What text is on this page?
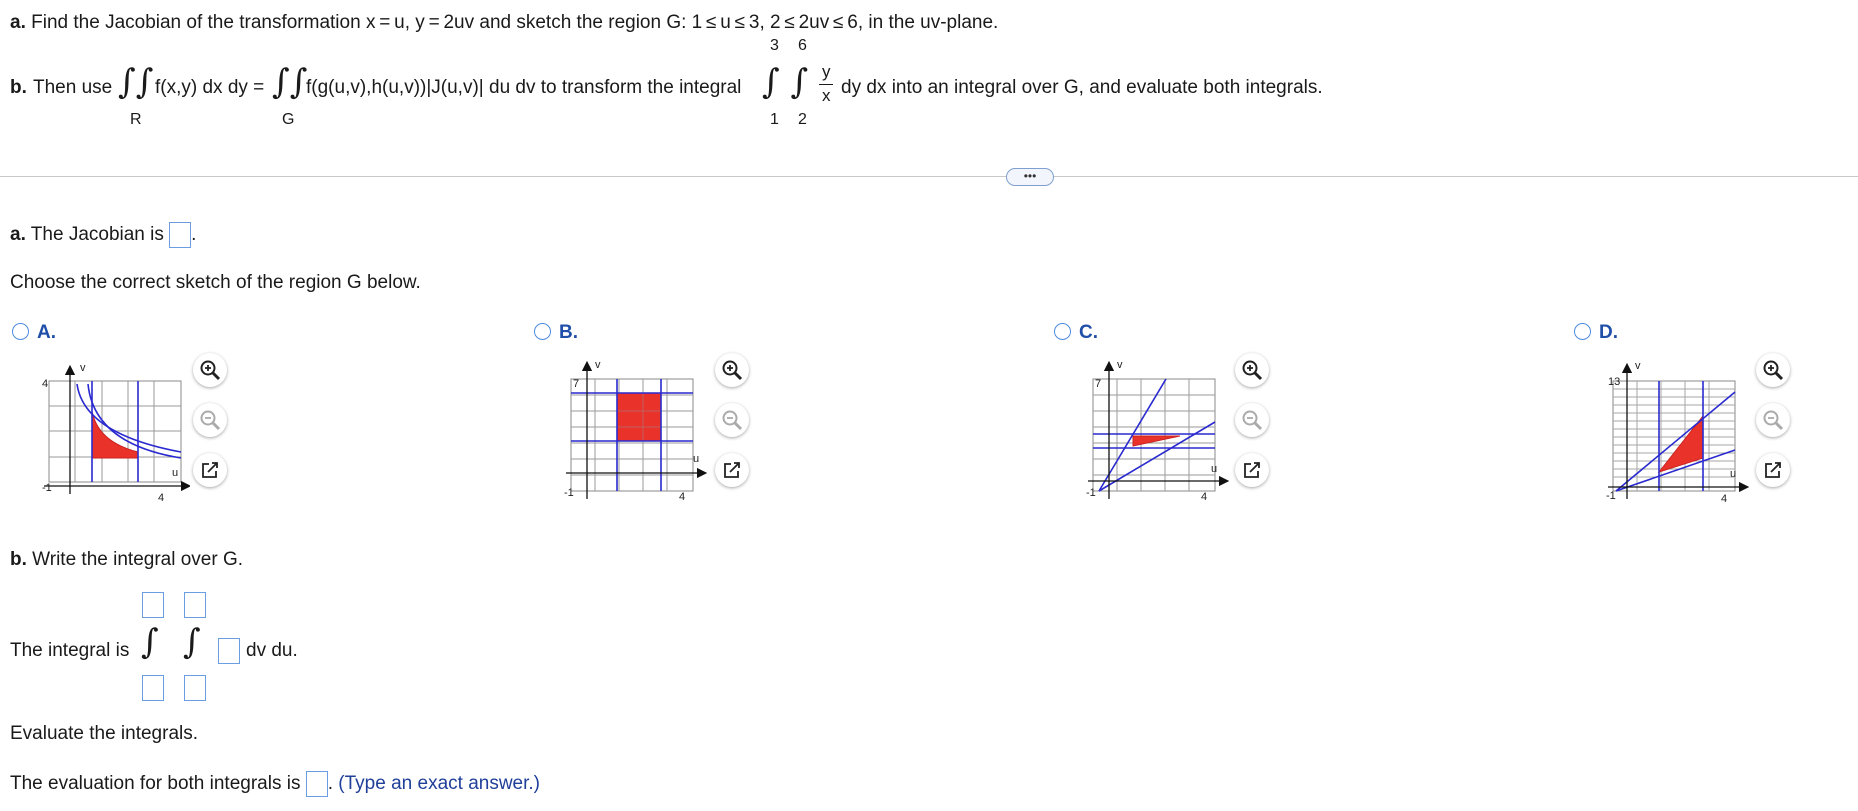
a. Find the Jacobian of the transformation x = u, y = 2uv and sketch the region G: 1 ≤ u ≤ 3, 2 ≤ 2uv ≤ 6, in the uv-plane.
b. Then use ∫∫
R
f(x,y) dx dy = ∫∫
G
f(g(u,v),h(u,v))|J(u,v)| du dv to transform the integral
3 6
∫ ∫
1 2
y
x dy dx into an integral over G, and evaluate both integrals.
•••
a. The Jacobian is .
Choose the correct sketch of the region G below.
A.	B.	C.	D.
v
u
4
4
-1
v
u
7
4
-1
v
u
7
4
-1
v
u
13
4
-1
b. Write the integral over G.
The integral is ∫ ∫ dv du.
Evaluate the integrals.
The evaluation for both integrals is . (Type an exact answer.)
